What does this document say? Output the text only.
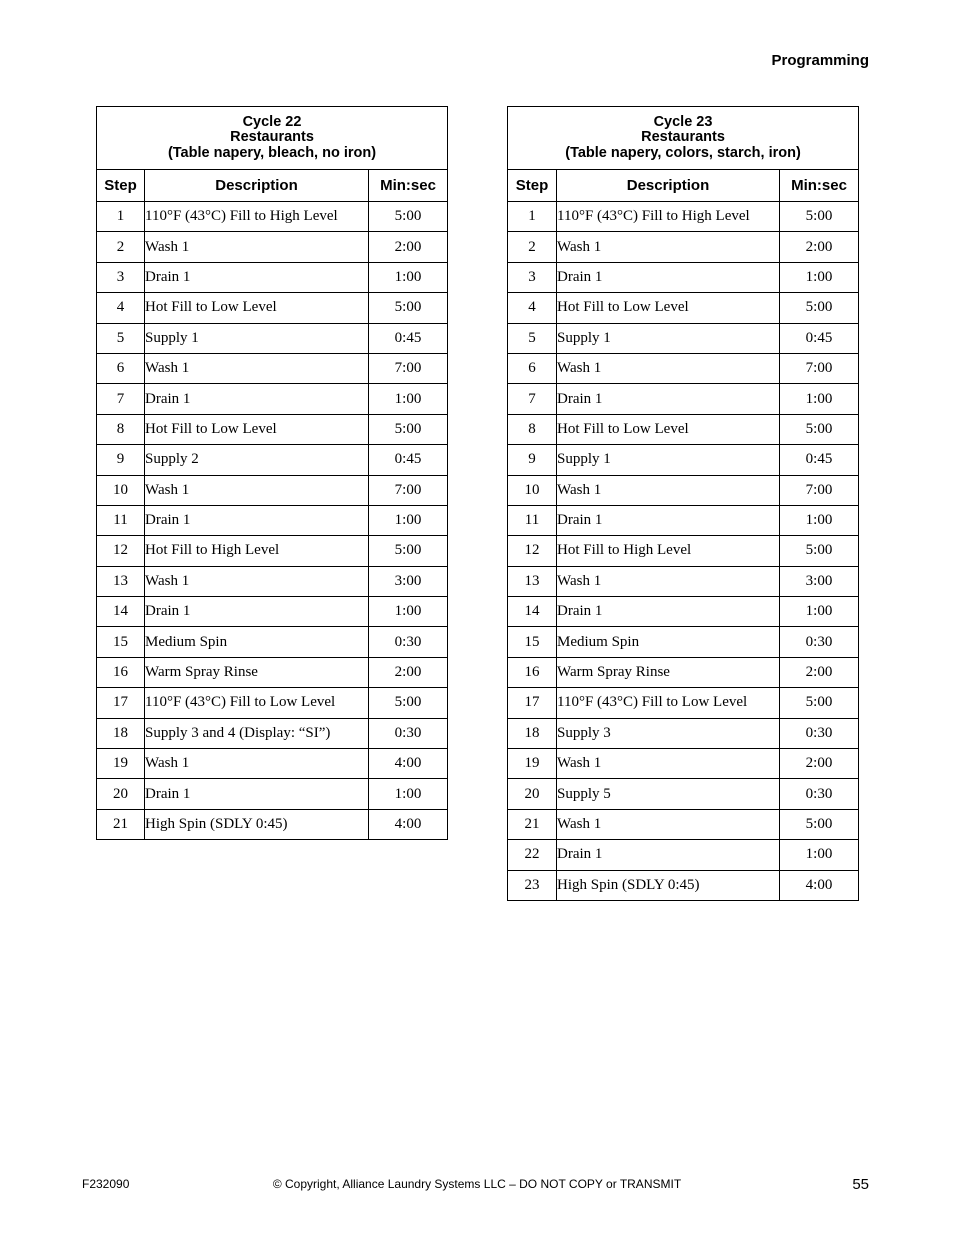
Programming
Cycle 22
Restaurants
(Table napery, bleach, no iron)		

Step	Description	Min:sec
1	110°F (43°C) Fill to High Level	5:00
2	Wash 1	2:00
3	Drain 1	1:00
4	Hot Fill to Low Level	5:00
5	Supply 1	0:45
6	Wash 1	7:00
7	Drain 1	1:00
8	Hot Fill to Low Level	5:00
9	Supply 2	0:45
10	Wash 1	7:00
11	Drain 1	1:00
12	Hot Fill to High Level	5:00
13	Wash 1	3:00
14	Drain 1	1:00
15	Medium Spin	0:30
16	Warm Spray Rinse	2:00
17	110°F (43°C) Fill to Low Level	5:00
18	Supply 3 and 4 (Display: “SI”)	0:30
19	Wash 1	4:00
20	Drain 1	1:00
21	High Spin (SDLY 0:45)	4:00
Cycle 23
Restaurants
(Table napery, colors, starch, iron)		

Step	Description	Min:sec
1	110°F (43°C) Fill to High Level	5:00
2	Wash 1	2:00
3	Drain 1	1:00
4	Hot Fill to Low Level	5:00
5	Supply 1	0:45
6	Wash 1	7:00
7	Drain 1	1:00
8	Hot Fill to Low Level	5:00
9	Supply 1	0:45
10	Wash 1	7:00
11	Drain 1	1:00
12	Hot Fill to High Level	5:00
13	Wash 1	3:00
14	Drain 1	1:00
15	Medium Spin	0:30
16	Warm Spray Rinse	2:00
17	110°F (43°C) Fill to Low Level	5:00
18	Supply 3	0:30
19	Wash 1	2:00
20	Supply 5	0:30
21	Wash 1	5:00
22	Drain 1	1:00
23	High Spin (SDLY 0:45)	4:00
F232090	© Copyright, Alliance Laundry Systems LLC – DO NOT COPY or TRANSMIT	55
